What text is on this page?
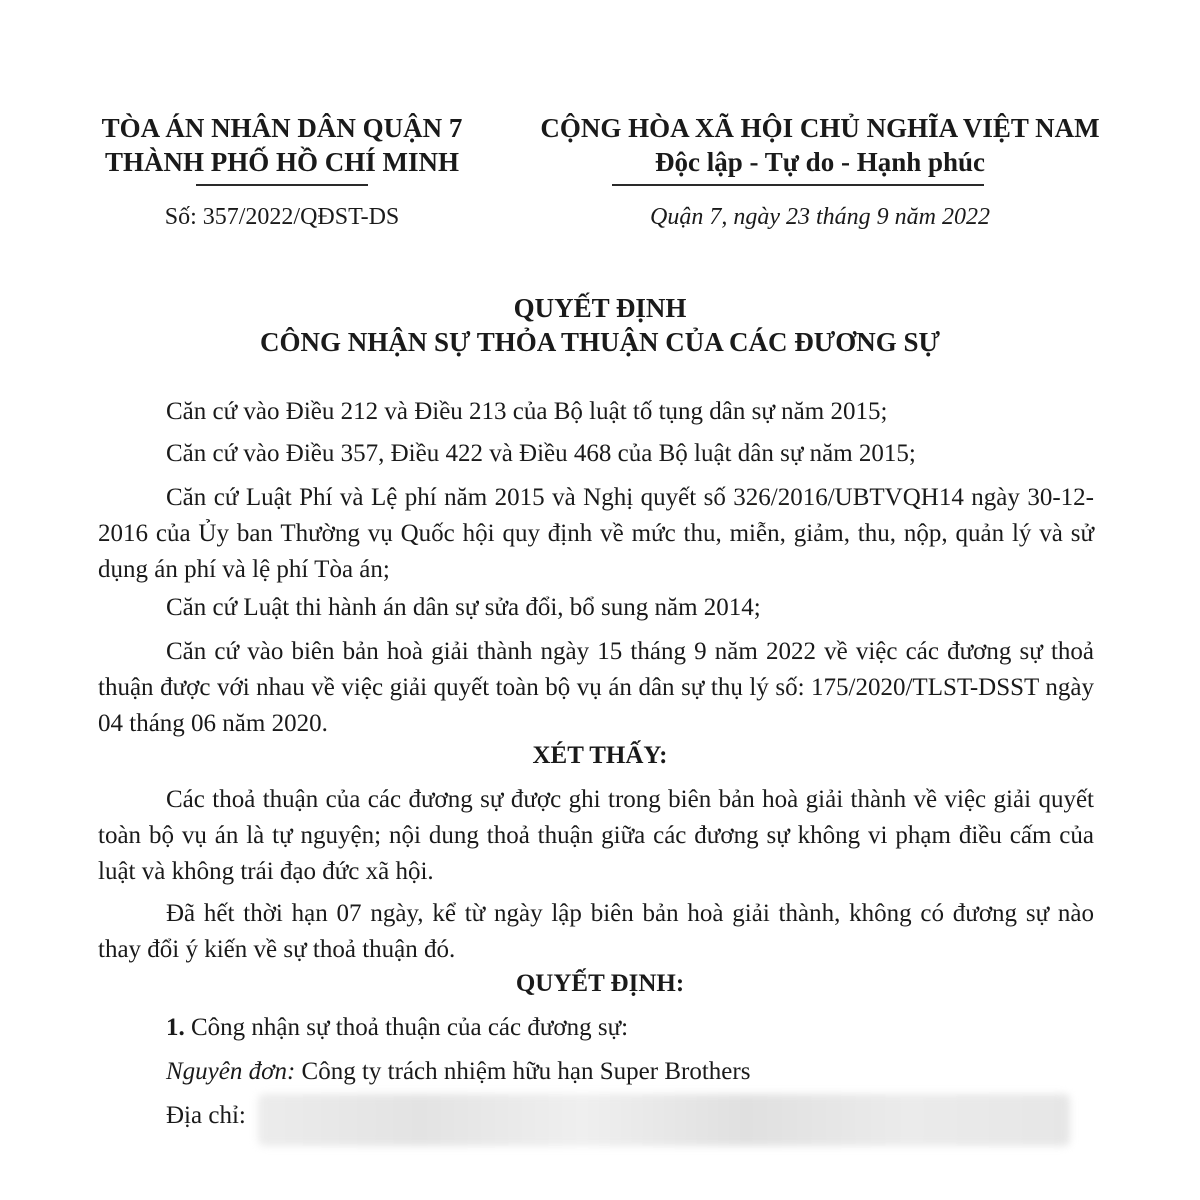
TÒA ÁN NHÂN DÂN QUẬN 7
THÀNH PHỐ HỒ CHÍ MINH
CỘNG HÒA XÃ HỘI CHỦ NGHĨA VIỆT NAM
Độc lập - Tự do - Hạnh phúc
Số: 357/2022/QĐST-DS	Quận 7, ngày 23 tháng 9 năm 2022
QUYẾT ĐỊNH
CÔNG NHẬN SỰ THỎA THUẬN CỦA CÁC ĐƯƠNG SỰ
Căn cứ vào Điều 212 và Điều 213 của Bộ luật tố tụng dân sự năm 2015;
Căn cứ vào Điều 357, Điều 422 và Điều 468 của Bộ luật dân sự năm 2015;
Căn cứ Luật Phí và Lệ phí năm 2015 và Nghị quyết số 326/2016/UBTVQH14 ngày 30-12-2016 của Ủy ban Thường vụ Quốc hội quy định về mức thu, miễn, giảm, thu, nộp, quản lý và sử dụng án phí và lệ phí Tòa án;
Căn cứ Luật thi hành án dân sự sửa đổi, bổ sung năm 2014;
Căn cứ vào biên bản hoà giải thành ngày 15 tháng 9 năm 2022 về việc các đương sự thoả thuận được với nhau về việc giải quyết toàn bộ vụ án dân sự thụ lý số: 175/2020/TLST-DSST ngày 04 tháng 06 năm 2020.
XÉT THẤY:
Các thoả thuận của các đương sự được ghi trong biên bản hoà giải thành về việc giải quyết toàn bộ vụ án là tự nguyện; nội dung thoả thuận giữa các đương sự không vi phạm điều cấm của luật và không trái đạo đức xã hội.
Đã hết thời hạn 07 ngày, kể từ ngày lập biên bản hoà giải thành, không có đương sự nào thay đổi ý kiến về sự thoả thuận đó.
QUYẾT ĐỊNH:
1. Công nhận sự thoả thuận của các đương sự:
Nguyên đơn: Công ty trách nhiệm hữu hạn Super Brothers
Địa chỉ:
